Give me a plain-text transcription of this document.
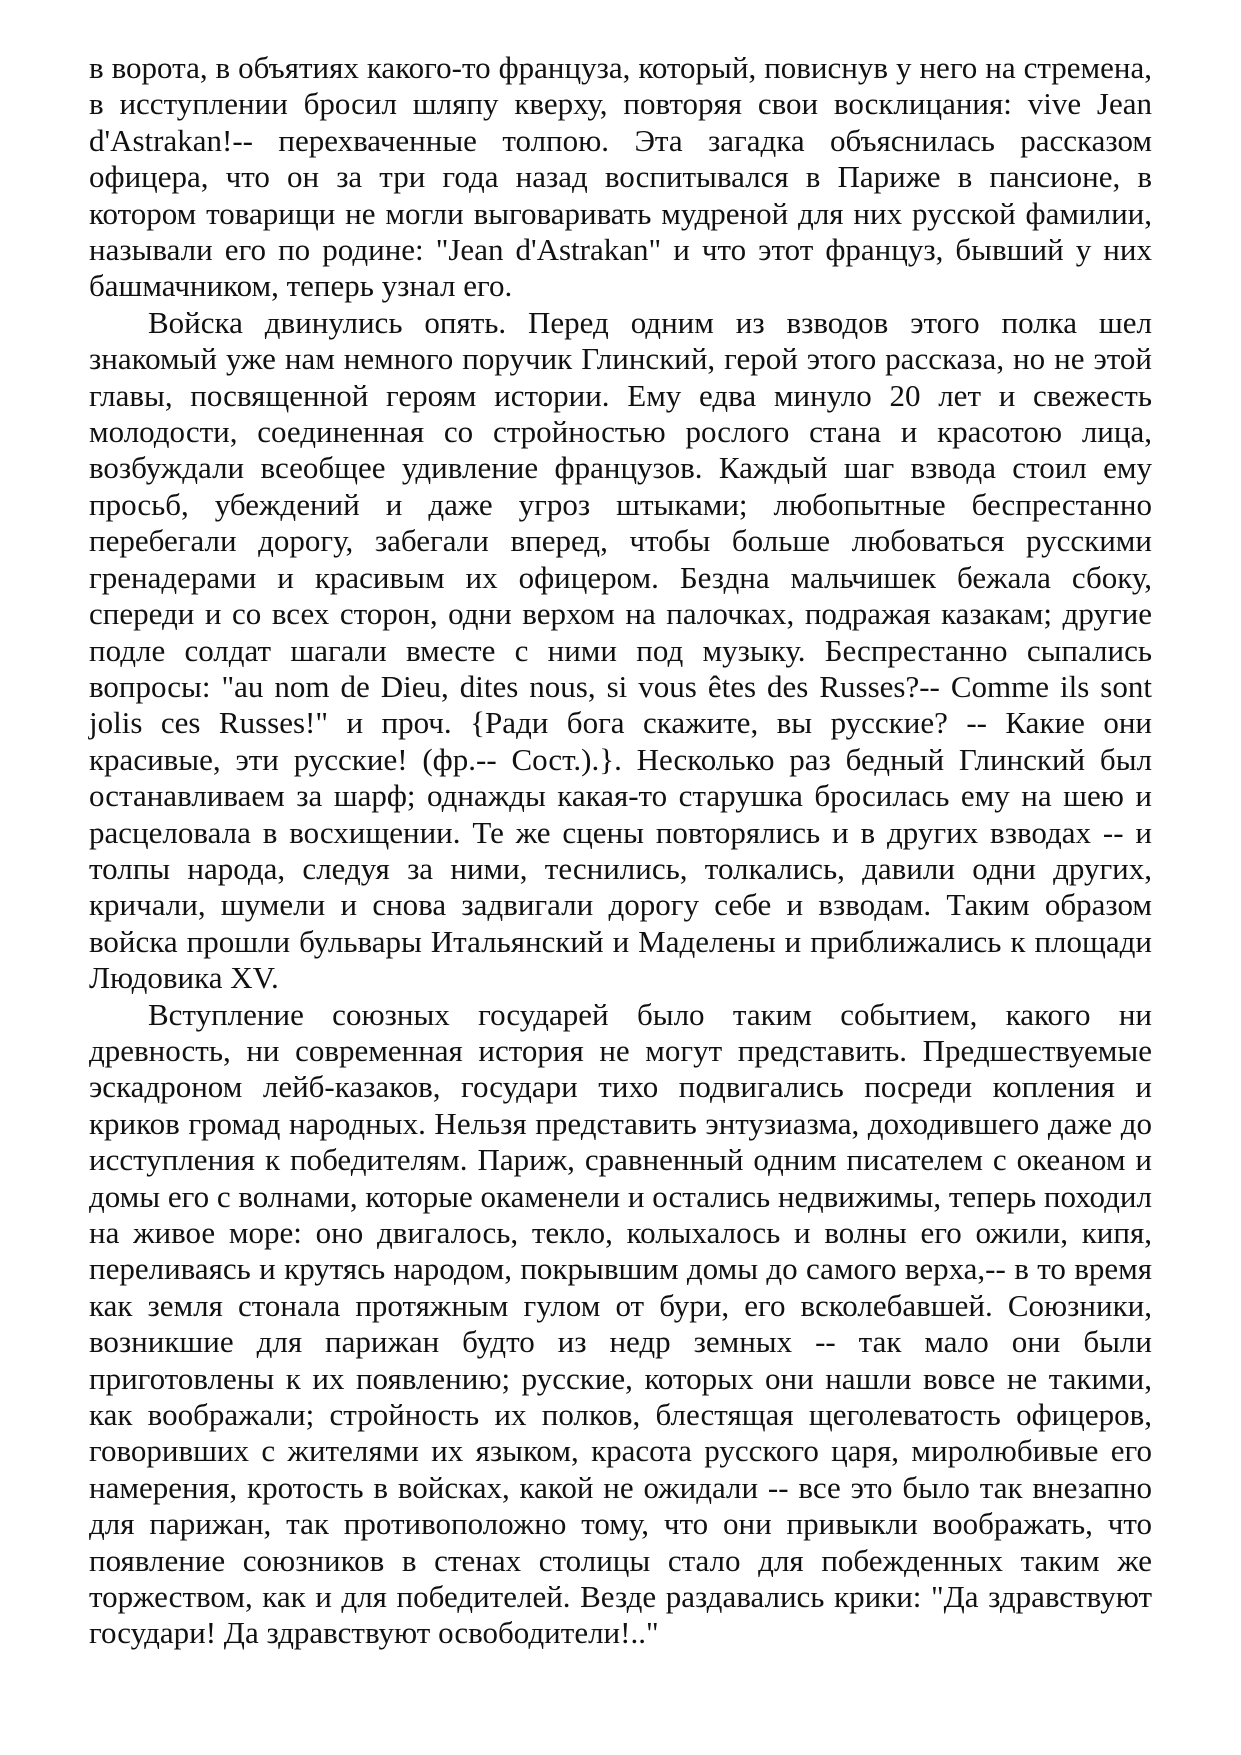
в ворота, в объятиях какого-то француза, который, повиснув у него на стремена, в исступлении бросил шляпу кверху, повторяя свои восклицания: vive Jean d'Astrakan!-- перехваченные толпою. Эта загадка объяснилась рассказом офицера, что он за три года назад воспитывался в Париже в пансионе, в котором товарищи не могли выговаривать мудреной для них русской фамилии, называли его по родине: "Jean d'Astrakan" и что этот француз, бывший у них башмачником, теперь узнал его.

Войска двинулись опять. Перед одним из взводов этого полка шел знакомый уже нам немного поручик Глинский, герой этого рассказа, но не этой главы, посвященной героям истории. Ему едва минуло 20 лет и свежесть молодости, соединенная со стройностью рослого стана и красотою лица, возбуждали всеобщее удивление французов. Каждый шаг взвода стоил ему просьб, убеждений и даже угроз штыками; любопытные беспрестанно перебегали дорогу, забегали вперед, чтобы больше любоваться русскими гренадерами и красивым их офицером. Бездна мальчишек бежала сбоку, спереди и со всех сторон, одни верхом на палочках, подражая казакам; другие подле солдат шагали вместе с ними под музыку. Беспрестанно сыпались вопросы: "au nom de Dieu, dites nous, si vous êtes des Russes?-- Comme ils sont jolis ces Russes!" и проч. {Ради бога скажите, вы русские? -- Какие они красивые, эти русские! (фр.-- Сост.).}. Несколько раз бедный Глинский был останавливаем за шарф; однажды какая-то старушка бросилась ему на шею и расцеловала в восхищении. Те же сцены повторялись и в других взводах -- и толпы народа, следуя за ними, теснились, толкались, давили одни других, кричали, шумели и снова задвигали дорогу себе и взводам. Таким образом войска прошли бульвары Итальянский и Маделены и приближались к площади Людовика XV.

Вступление союзных государей было таким событием, какого ни древность, ни современная история не могут представить. Предшествуемые эскадроном лейб-казаков, государи тихо подвигались посреди копления и криков громад народных. Нельзя представить энтузиазма, доходившего даже до исступления к победителям. Париж, сравненный одним писателем с океаном и домы его с волнами, которые окаменели и остались недвижимы, теперь походил на живое море: оно двигалось, текло, колыхалось и волны его ожили, кипя, переливаясь и крутясь народом, покрывшим домы до самого верха,-- в то время как земля стонала протяжным гулом от бури, его всколебавшей. Союзники, возникшие для парижан будто из недр земных -- так мало они были приготовлены к их появлению; русские, которых они нашли вовсе не такими, как воображали; стройность их полков, блестящая щеголеватость офицеров, говоривших с жителями их языком, красота русского царя, миролюбивые его намерения, кротость в войсках, какой не ожидали -- все это было так внезапно для парижан, так противоположно тому, что они привыкли воображать, что появление союзников в стенах столицы стало для побежденных таким же торжеством, как и для победителей. Везде раздавались крики: "Да здравствуют государи! Да здравствуют освободители!.."
